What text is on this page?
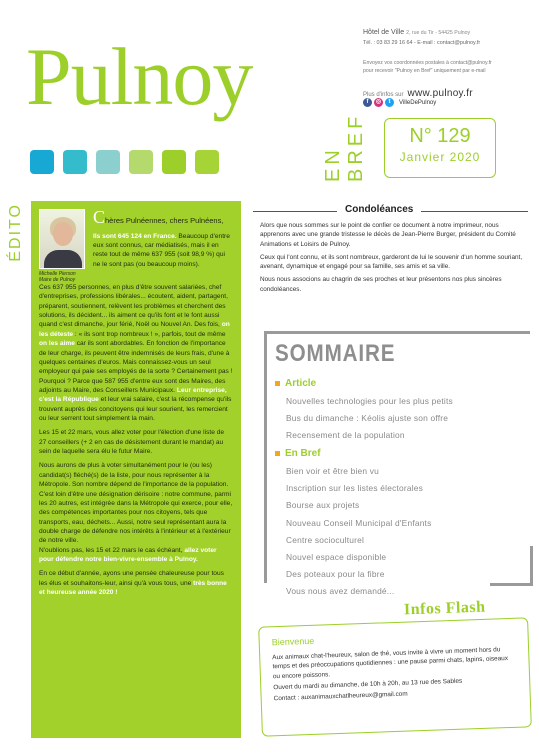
Pulnoy
EN BREF
Hôtel de Ville 2, rue du Tir - 54425 Pulnoy
Tél. : 03 83 29 16 64 - E-mail : contact@pulnoy.fr
Envoyez vos coordonnées postales à contact@pulnoy.fr
pour recevoir "Pulnoy en Bref" uniquement par e-mail
Plus d'infos sur www.pulnoy.fr
f	◎	t	VilleDePulnoy
N° 129
Janvier 2020
ÉDITO
Michelle Pierson
Maire de Pulnoy

Chères Pulnéennes, chers Pulnéens,

Ils sont 645 124 en France. Beaucoup d'entre eux sont connus, car médiatisés, mais il en reste tout de même 637 955 (soit 98,9 %) qui ne le sont pas (ou beaucoup moins).

Ces 637 955 personnes, en plus d'être souvent salariées, chef d'entreprises, professions libérales... écoutent, aident, partagent, préparent, soutiennent, relèvent les problèmes et cherchent des solutions, ils décident... ils aiment ce qu'ils font et le font aussi quand c'est dimanche, jour férié, Noël ou Nouvel An. Des fois, on les déteste : « ils sont trop nombreux ! », parfois, tout de même on les aime car ils sont abordables. En fonction de l'importance de leur charge, ils peuvent être indemnisés de leurs frais, d'une à quelques centaines d'euros. Mais connaissez-vous un seul employeur qui paie ses employés de la sorte ? Certainement pas ! Pourquoi ? Parce que 587 955 d'entre eux sont des Maires, des adjoints au Maire, des Conseillers Municipaux. Leur entreprise, c'est la République et leur vrai salaire, c'est la récompense qu'ils trouvent auprès des concitoyens qui leur sourient, les remercient ou leur serrent tout simplement la main.

Les 15 et 22 mars, vous allez voter pour l'élection d'une liste de 27 conseillers (+ 2 en cas de désistement durant le mandat) au sein de laquelle sera élu le futur Maire.

Nous aurons de plus à voter simultanément pour le (ou les) candidat(s) fléché(s) de la liste, pour nous représenter à la Métropole. Son nombre dépend de l'importance de la population. C'est loin d'être une désignation dérisoire : notre commune, parmi les 20 autres, est intégrée dans la Métropole qui exerce, pour elle, des compétences importantes pour nos citoyens, tels que transports, eau, déchets... Aussi, notre seul représentant aura la double charge de défendre nos intérêts à l'intérieur et à l'extérieur de notre ville.

N'oublions pas, les 15 et 22 mars le cas échéant, allez voter pour défendre notre bien-vivre-ensemble à Pulnoy.

En ce début d'année, ayons une pensée chaleureuse pour tous les élus et souhaitons-leur, ainsi qu'à vous tous, une très bonne et heureuse année 2020 !

Condoléances

Alors que nous sommes sur le point de confier ce document à notre imprimeur, nous apprenons avec une grande tristesse le décès de Jean-Pierre Burger, président du Comité Animations et Loisirs de Pulnoy.

Ceux qui l'ont connu, et ils sont nombreux, garderont de lui le souvenir d'un homme souriant, avenant, dynamique et engagé pour sa famille, ses amis et sa ville.

Nous nous associons au chagrin de ses proches et leur présentons nos plus sincères condoléances.

SOMMAIRE
Article
Nouvelles technologies pour les plus petits
Bus du dimanche : Kéolis ajuste son offre
Recensement de la population
En Bref
Bien voir et être bien vu
Inscription sur les listes électorales
Bourse aux projets
Nouveau Conseil Municipal d'Enfants
Centre socioculturel
Nouvel espace disponible
Des poteaux pour la fibre
Vous nous avez demandé...
Infos Flash
Bienvenue

Aux animaux chat-l'heureux, salon de thé, vous invite à vivre un moment hors du temps et des préoccupations quotidiennes : une pause parmi chats, lapins, oiseaux ou encore poissons.

Ouvert du mardi au dimanche, de 10h à 20h, au 13 rue des Sables

Contact : auxanimauxchatlheureux@gmail.com
